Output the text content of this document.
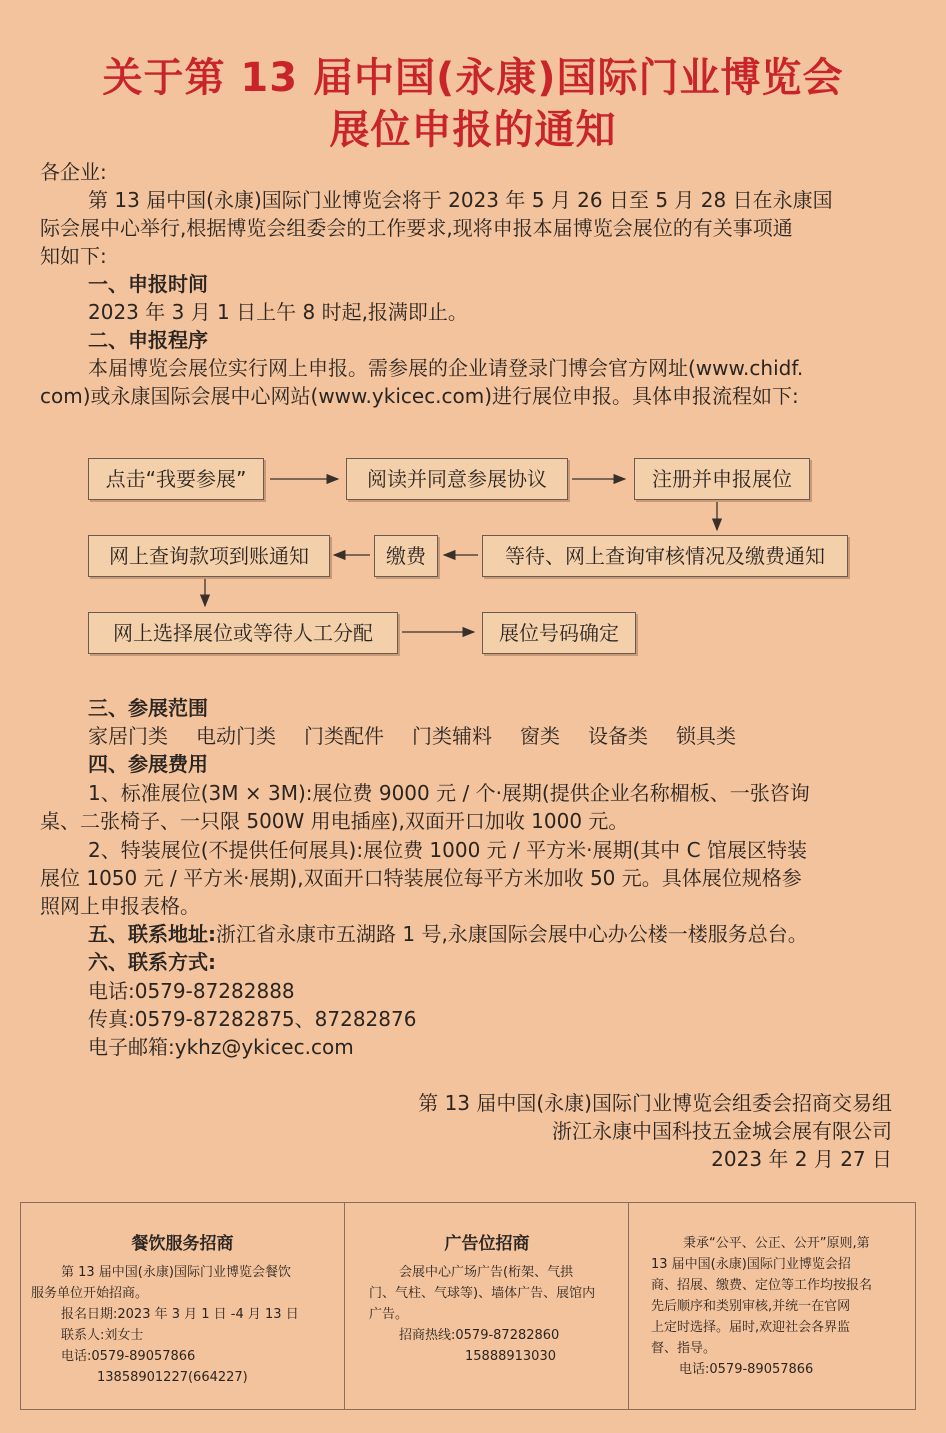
关于第 13 届中国(永康)国际门业博览会
展位申报的通知
各企业:
第 13 届中国(永康)国际门业博览会将于 2023 年 5 月 26 日至 5 月 28 日在永康国
际会展中心举行,根据博览会组委会的工作要求,现将申报本届博览会展位的有关事项通
知如下:
一、申报时间
2023 年 3 月 1 日上午 8 时起,报满即止。
二、申报程序
本届博览会展位实行网上申报。需参展的企业请登录门博会官方网址(www.chidf.
com)或永康国际会展中心网站(www.ykicec.com)进行展位申报。具体申报流程如下:
点击“我要参展”	阅读并同意参展协议	注册并申报展位
等待、网上查询审核情况及缴费通知
缴费
网上查询款项到账通知
网上选择展位或等待人工分配	展位号码确定
三、参展范围
家居门类 电动门类 门类配件 门类辅料 窗类 设备类 锁具类
四、参展费用
1、标准展位(3M × 3M):展位费 9000 元 / 个·展期(提供企业名称楣板、一张咨询
桌、二张椅子、一只限 500W 用电插座),双面开口加收 1000 元。
2、特装展位(不提供任何展具):展位费 1000 元 / 平方米·展期(其中 C 馆展区特装
展位 1050 元 / 平方米·展期),双面开口特装展位每平方米加收 50 元。具体展位规格参
照网上申报表格。
五、联系地址:浙江省永康市五湖路 1 号,永康国际会展中心办公楼一楼服务总台。
六、联系方式:
电话:0579-87282888
传真:0579-87282875、87282876
电子邮箱:ykhz@ykicec.com
第 13 届中国(永康)国际门业博览会组委会招商交易组
浙江永康中国科技五金城会展有限公司
2023 年 2 月 27 日
餐饮服务招商
第 13 届中国(永康)国际门业博览会餐饮
服务单位开始招商。
报名日期:2023 年 3 月 1 日 -4 月 13 日
联系人:刘女士
电话:0579-89057866
13858901227(664227)
广告位招商
会展中心广场广告(桁架、气拱
门、气柱、气球等)、墙体广告、展馆内
广告。
招商热线:0579-87282860
15888913030
秉承“公平、公正、公开”原则,第
13 届中国(永康)国际门业博览会招
商、招展、缴费、定位等工作均按报名
先后顺序和类别审核,并统一在官网
上定时选择。届时,欢迎社会各界监
督、指导。
电话:0579-89057866
